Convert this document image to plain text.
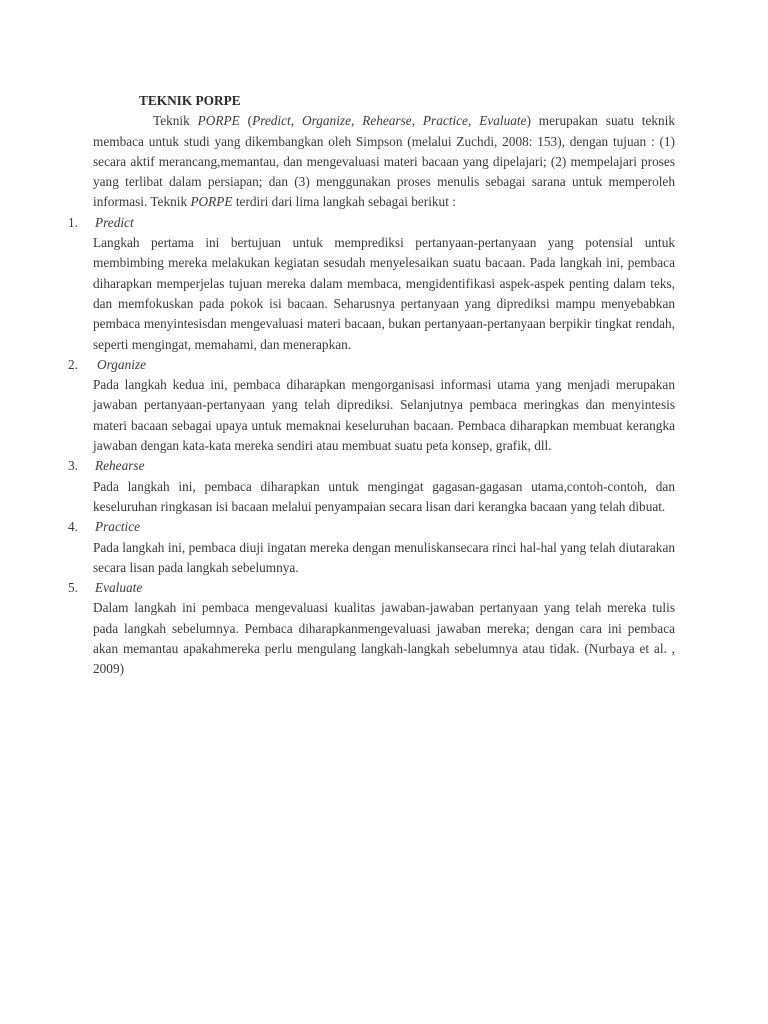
TEKNIK PORPE

Teknik PORPE (Predict, Organize, Rehearse, Practice, Evaluate) merupakan suatu teknik membaca untuk studi yang dikembangkan oleh Simpson (melalui Zuchdi, 2008: 153), dengan tujuan : (1) secara aktif merancang,memantau, dan mengevaluasi materi bacaan yang dipelajari; (2) mempelajari proses yang terlibat dalam persiapan; dan (3) menggunakan proses menulis sebagai sarana untuk memperoleh informasi. Teknik PORPE terdiri dari lima langkah sebagai berikut :

1.	Predict

Langkah pertama ini bertujuan untuk memprediksi pertanyaan-pertanyaan yang potensial untuk membimbing mereka melakukan kegiatan sesudah menyelesaikan suatu bacaan. Pada langkah ini, pembaca diharapkan memperjelas tujuan mereka dalam membaca, mengidentifikasi aspek-aspek penting dalam teks, dan memfokuskan pada pokok isi bacaan. Seharusnya pertanyaan yang diprediksi mampu menyebabkan pembaca menyintesisdan mengevaluasi materi bacaan, bukan pertanyaan-pertanyaan berpikir tingkat rendah, seperti mengingat, memahami, dan menerapkan.

2.	Organize

Pada langkah kedua ini, pembaca diharapkan mengorganisasi informasi utama yang menjadi merupakan jawaban pertanyaan-pertanyaan yang telah diprediksi. Selanjutnya pembaca meringkas dan menyintesis materi bacaan sebagai upaya untuk memaknai keseluruhan bacaan. Pembaca diharapkan membuat kerangka jawaban dengan kata-kata mereka sendiri atau membuat suatu peta konsep, grafik, dll.

3.	Rehearse

Pada langkah ini, pembaca diharapkan untuk mengingat gagasan-gagasan utama,contoh-contoh, dan keseluruhan ringkasan isi bacaan melalui penyampaian secara lisan dari kerangka bacaan yang telah dibuat.

4.	Practice

Pada langkah ini, pembaca diuji ingatan mereka dengan menuliskansecara rinci hal-hal yang telah diutarakan secara lisan pada langkah sebelumnya.

5.	Evaluate

Dalam langkah ini pembaca mengevaluasi kualitas jawaban-jawaban pertanyaan yang telah mereka tulis pada langkah sebelumnya. Pembaca diharapkanmengevaluasi jawaban mereka; dengan cara ini pembaca akan memantau apakahmereka perlu mengulang langkah-langkah sebelumnya atau tidak. (Nurbaya et al. , 2009)
